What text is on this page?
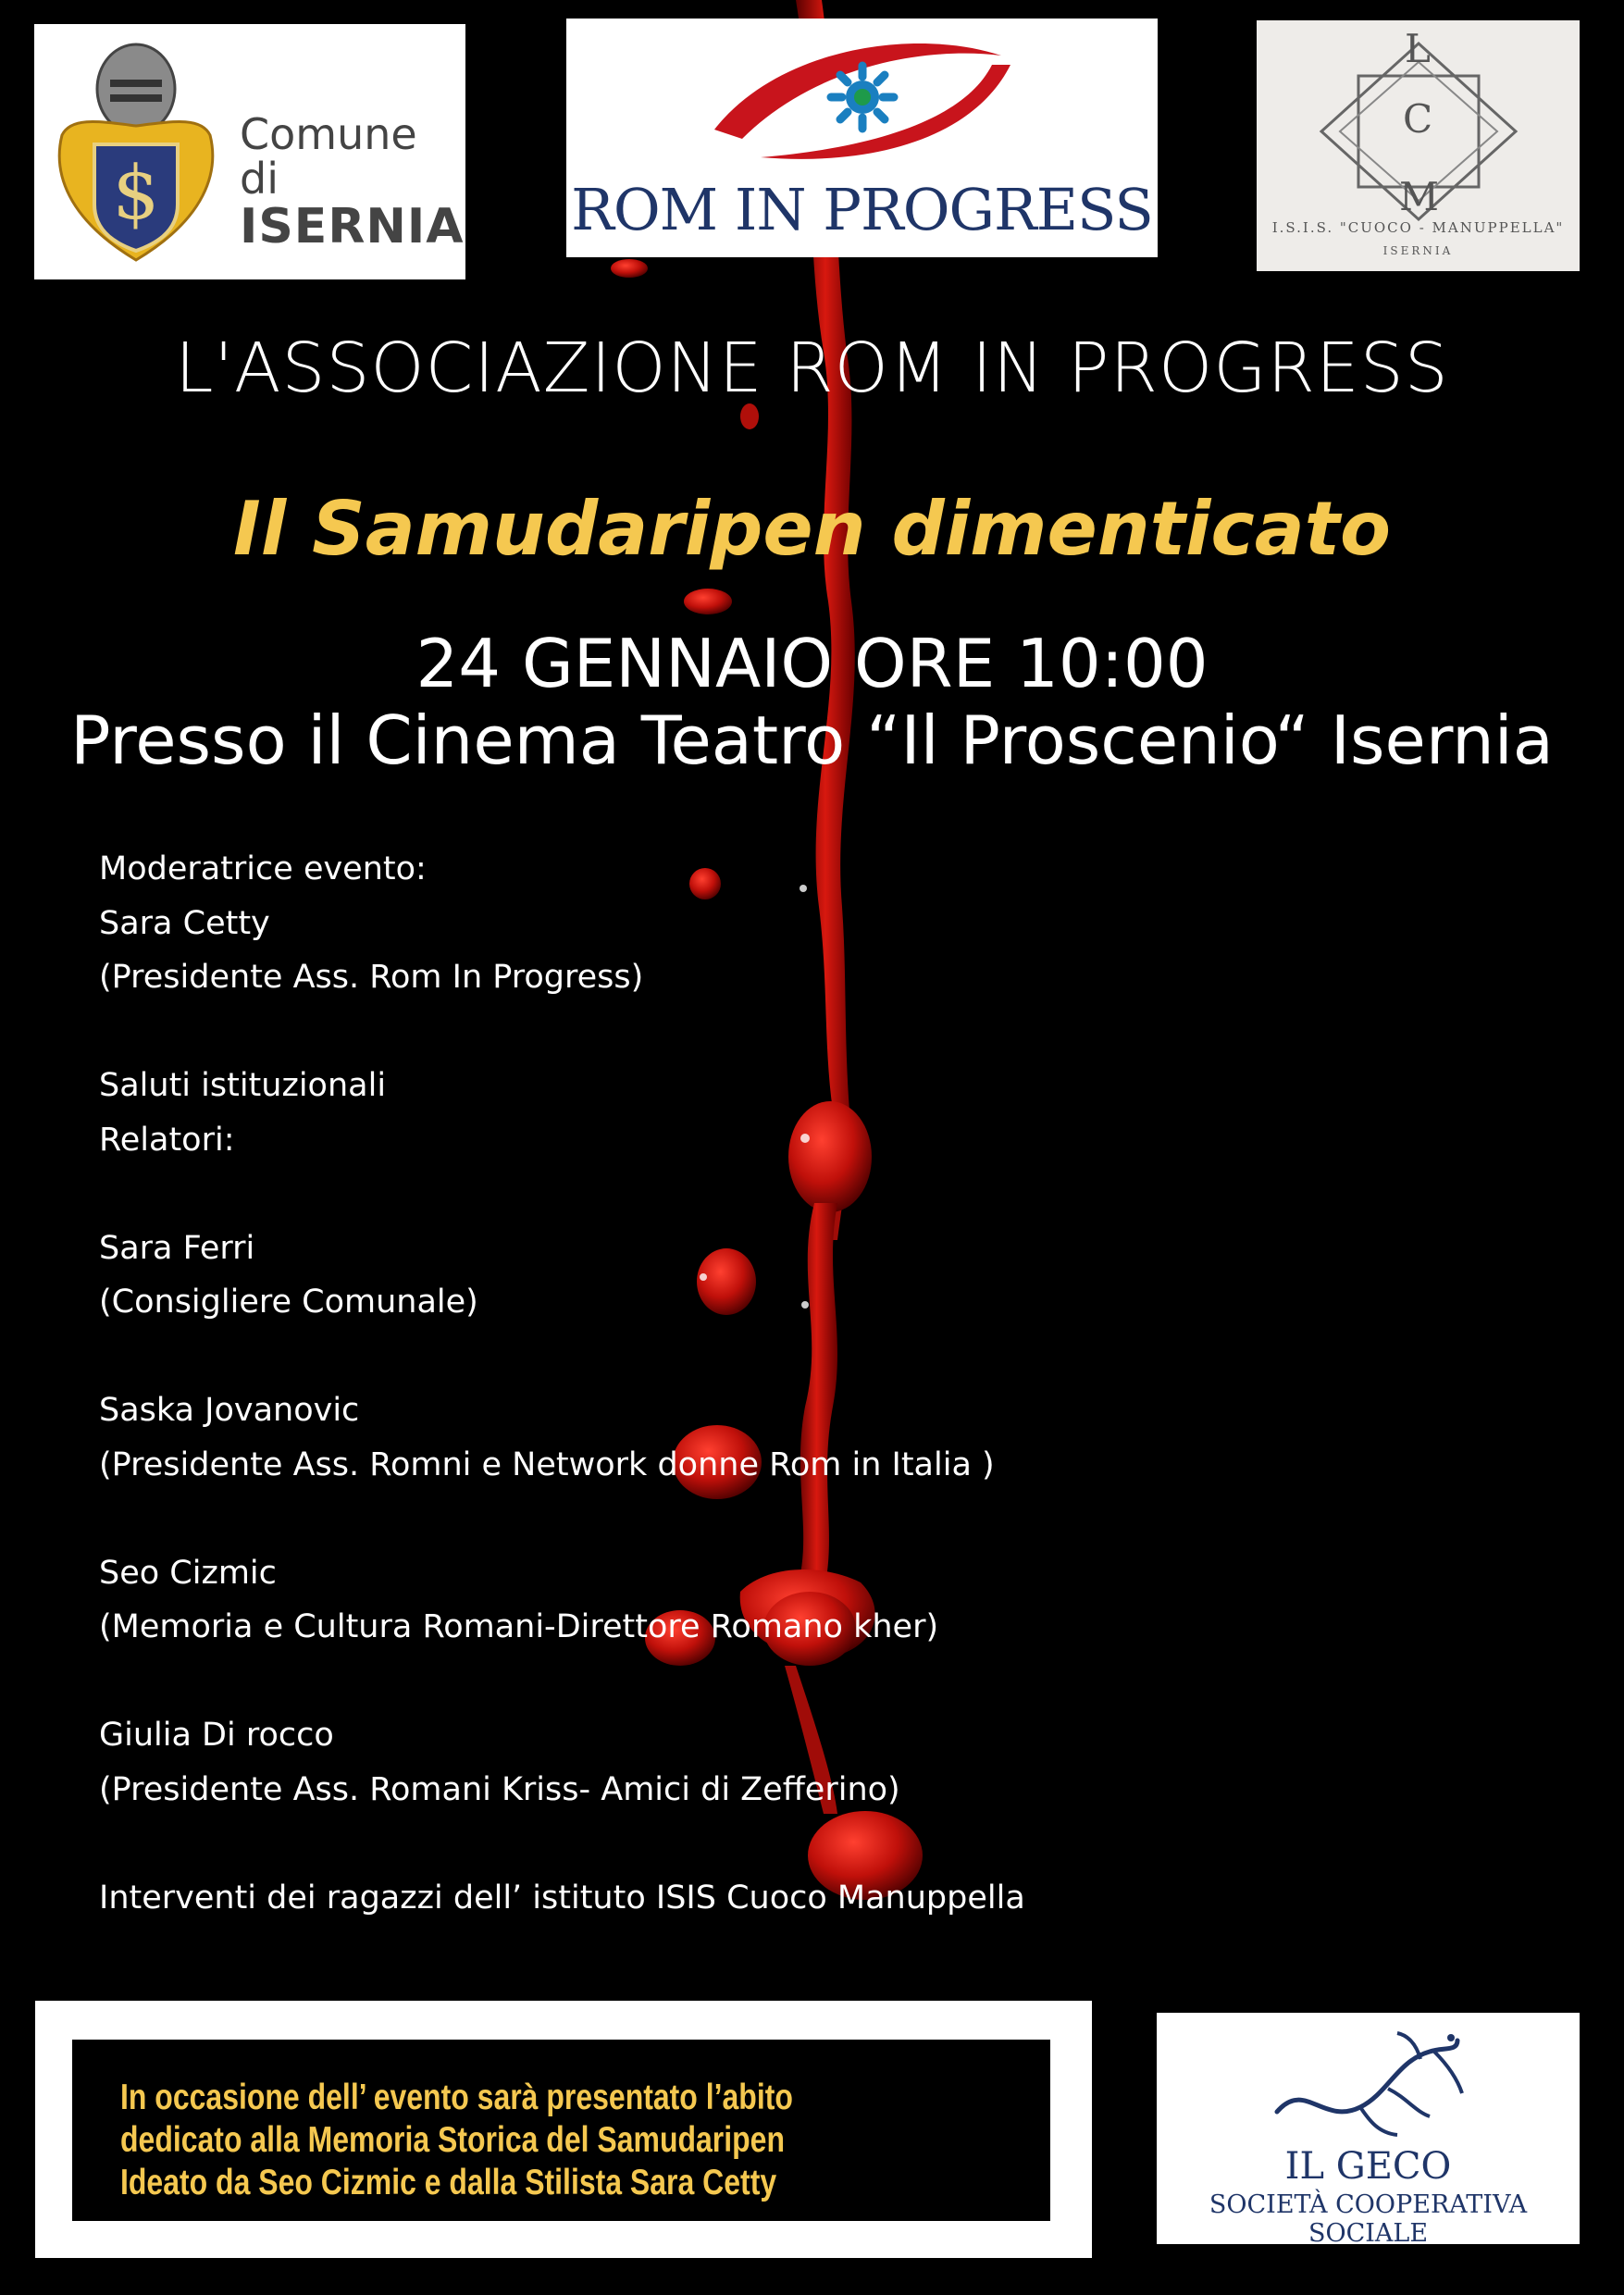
$
Comune di
ISERNIA ROM IN PROGRESS
L
C
M
I.S.I.S. "CUOCO - MANUPPELLA"
ISERNIA
L'ASSOCIAZIONE ROM IN PROGRESS
Il Samudaripen dimenticato
24 GENNAIO ORE 10:00
Presso il Cinema Teatro “Il Proscenio“ Isernia
Moderatrice evento:
Sara Cetty
(Presidente Ass. Rom In Progress)
Saluti istituzionali
Relatori:
Sara Ferri
(Consigliere Comunale)
Saska Jovanovic
(Presidente Ass. Romni e Network donne Rom in Italia )
Seo Cizmic
(Memoria e Cultura Romani-Direttore Romano kher)
Giulia Di rocco
(Presidente Ass. Romani Kriss- Amici di Zefferino)
Interventi dei ragazzi dell’ istituto ISIS Cuoco Manuppella
In occasione dell’ evento sarà presentato l’abito
dedicato alla Memoria Storica del Samudaripen
Ideato da Seo Cizmic e dalla Stilista Sara Cetty	IL GECO
SOCIETÀ COOPERATIVA SOCIALE
